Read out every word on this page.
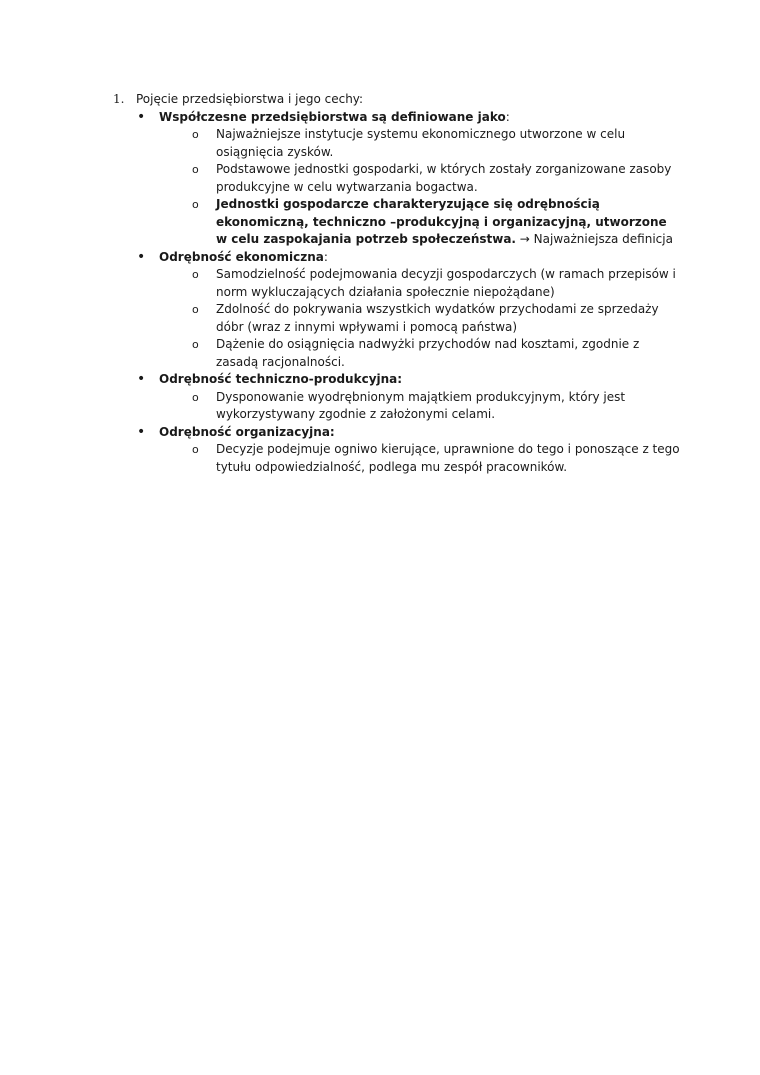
1. Pojęcie przedsiębiorstwa i jego cechy:
• Współczesne przedsiębiorstwa są definiowane jako:
o Najważniejsze instytucje systemu ekonomicznego utworzone w celu osiągnięcia zysków.
o Podstawowe jednostki gospodarki, w których zostały zorganizowane zasoby produkcyjne w celu wytwarzania bogactwa.
o Jednostki gospodarcze charakteryzujące się odrębnością ekonomiczną, techniczno –produkcyjną i organizacyjną, utworzone w celu zaspokajania potrzeb społeczeństwa. → Najważniejsza definicja
• Odrębność ekonomiczna:
o Samodzielność podejmowania decyzji gospodarczych (w ramach przepisów i norm wykluczających działania społecznie niepożądane)
o Zdolność do pokrywania wszystkich wydatków przychodami ze sprzedaży dóbr (wraz z innymi wpływami i pomocą państwa)
o Dążenie do osiągnięcia nadwyżki przychodów nad kosztami, zgodnie z zasadą racjonalności.
• Odrębność techniczno-produkcyjna:
o Dysponowanie wyodrębnionym majątkiem produkcyjnym, który jest wykorzystywany zgodnie z założonymi celami.
• Odrębność organizacyjna:
o Decyzje podejmuje ogniwo kierujące, uprawnione do tego i ponoszące z tego tytułu odpowiedzialność, podlega mu zespół pracowników.
